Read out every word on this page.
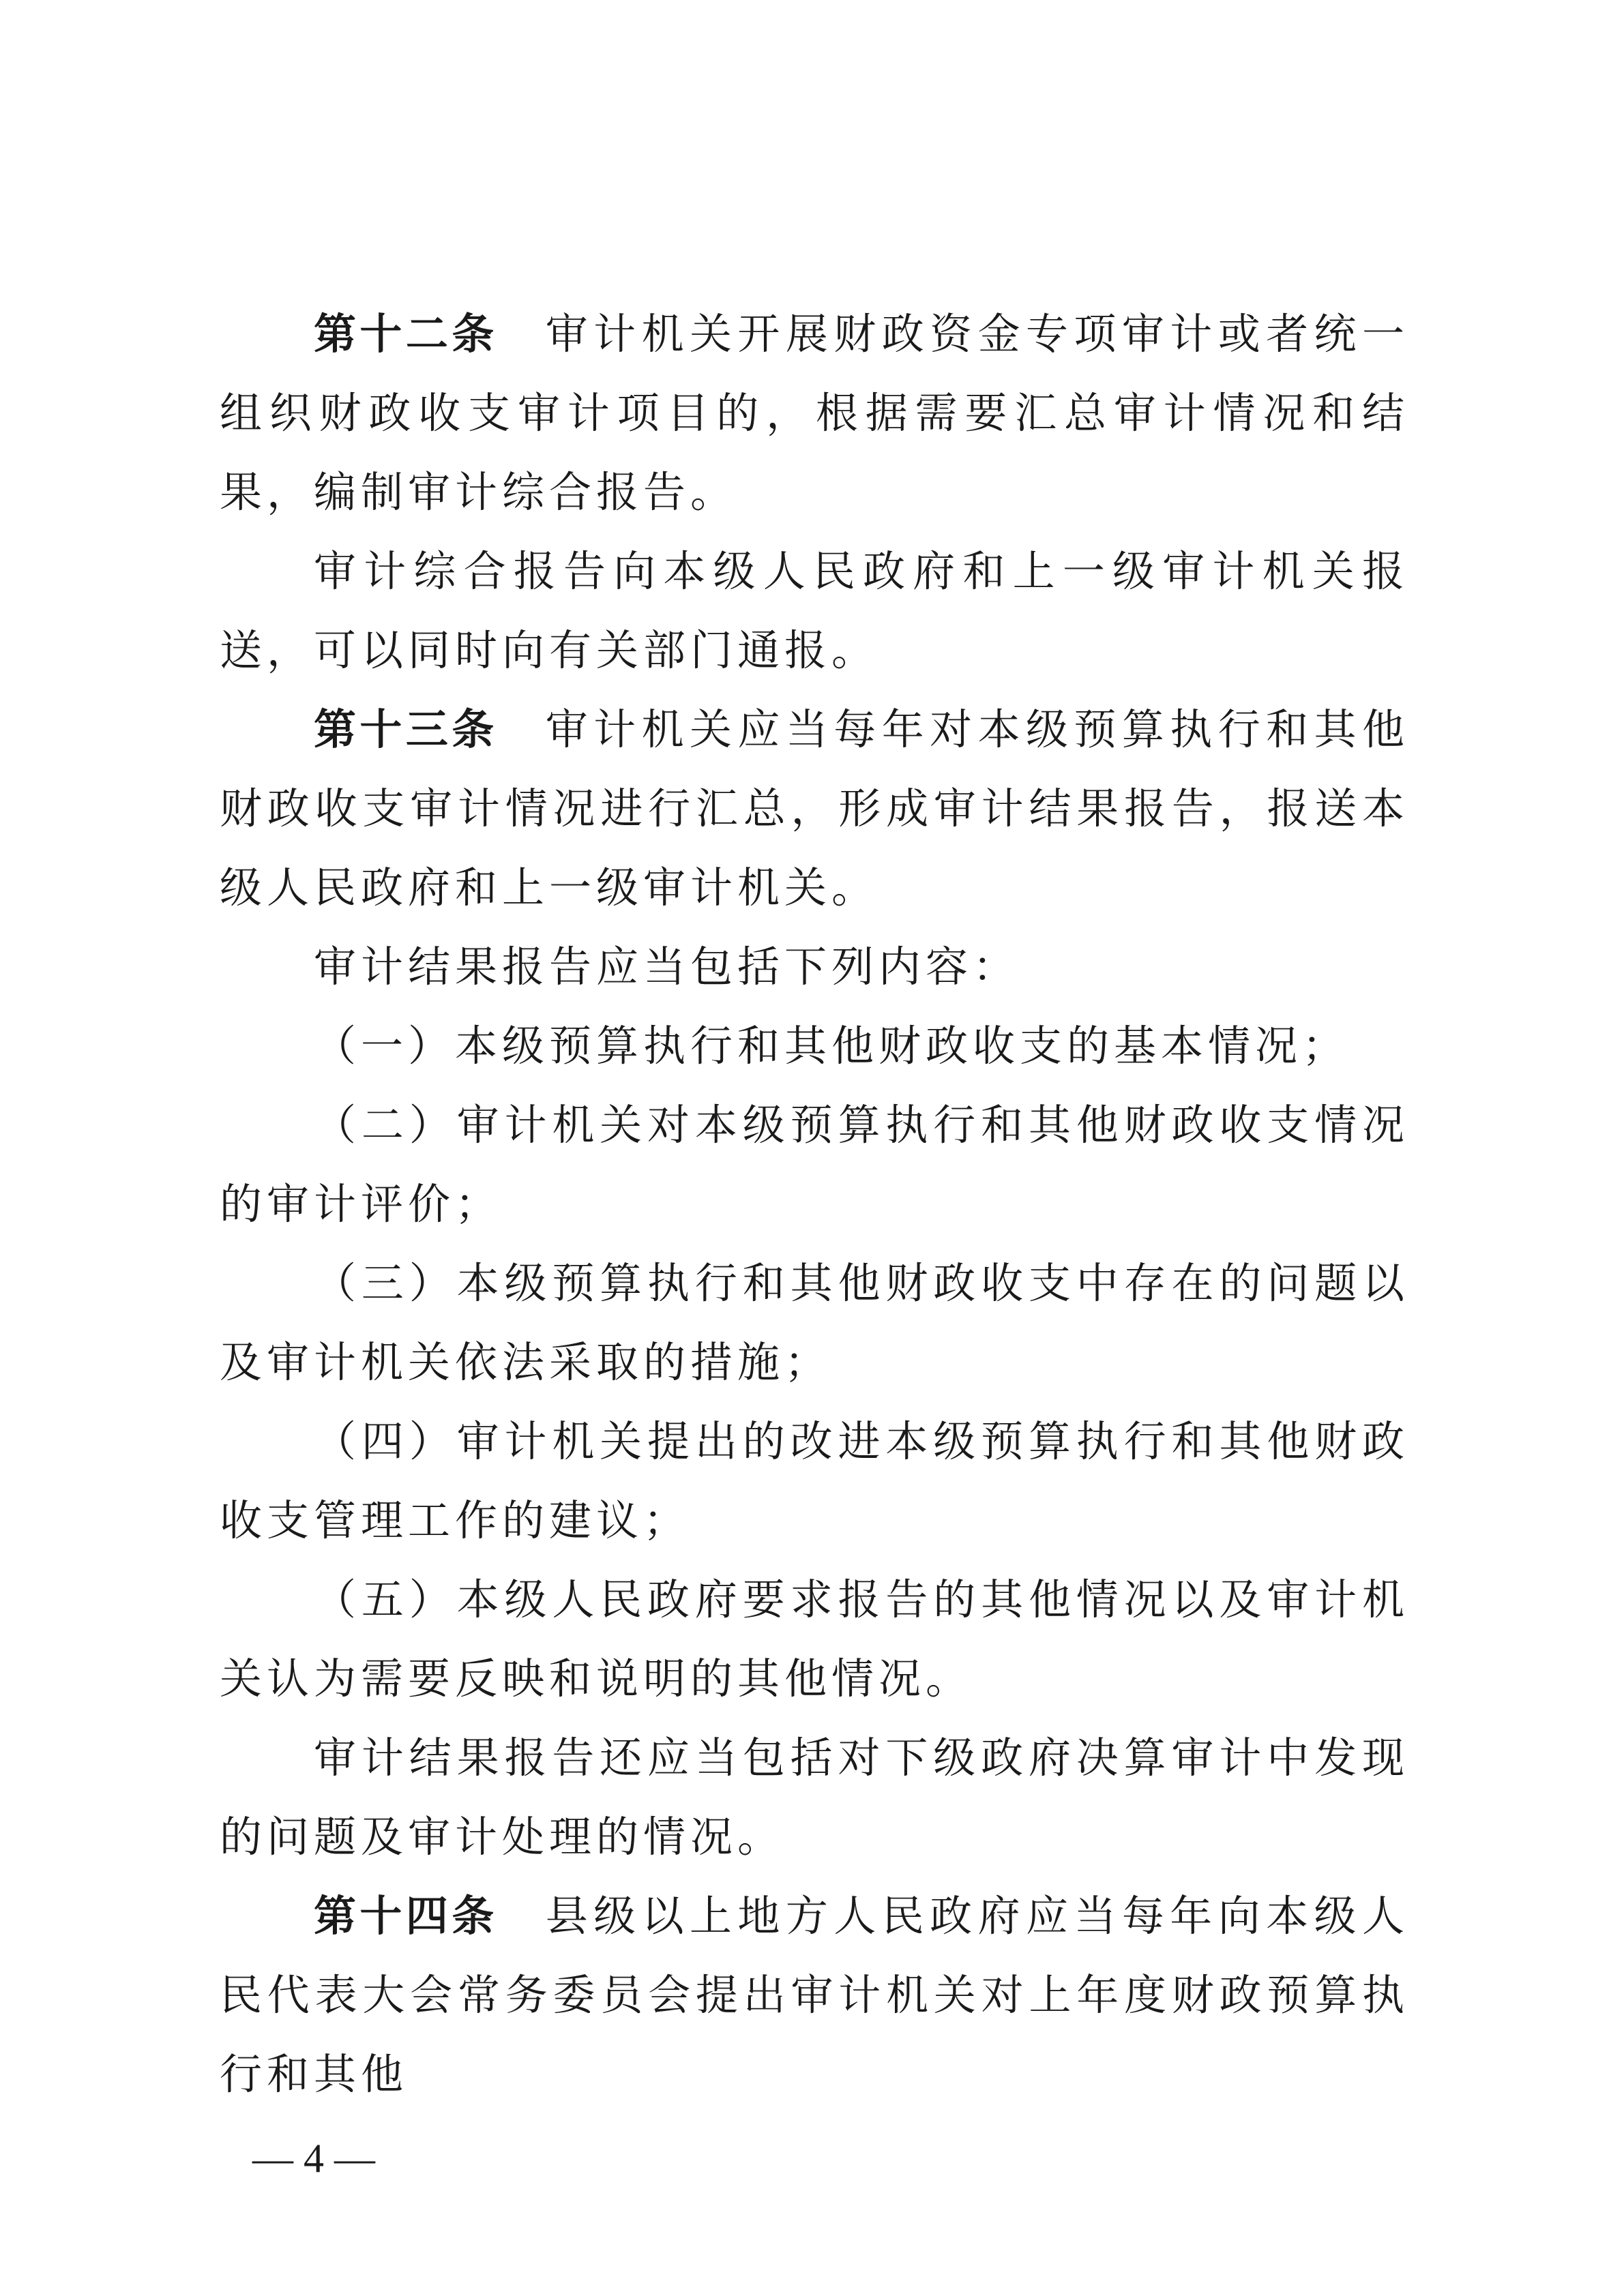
第十二条 审计机关开展财政资金专项审计或者统一组织财政收支审计项目的，根据需要汇总审计情况和结果，编制审计综合报告。

审计综合报告向本级人民政府和上一级审计机关报送，可以同时向有关部门通报。

第十三条 审计机关应当每年对本级预算执行和其他财政收支审计情况进行汇总，形成审计结果报告，报送本级人民政府和上一级审计机关。

审计结果报告应当包括下列内容：

（一）本级预算执行和其他财政收支的基本情况；

（二）审计机关对本级预算执行和其他财政收支情况的审计评价；

（三）本级预算执行和其他财政收支中存在的问题以及审计机关依法采取的措施；

（四）审计机关提出的改进本级预算执行和其他财政收支管理工作的建议；

（五）本级人民政府要求报告的其他情况以及审计机关认为需要反映和说明的其他情况。

审计结果报告还应当包括对下级政府决算审计中发现的问题及审计处理的情况。

第十四条 县级以上地方人民政府应当每年向本级人民代表大会常务委员会提出审计机关对上年度财政预算执行和其他

— 4 —
